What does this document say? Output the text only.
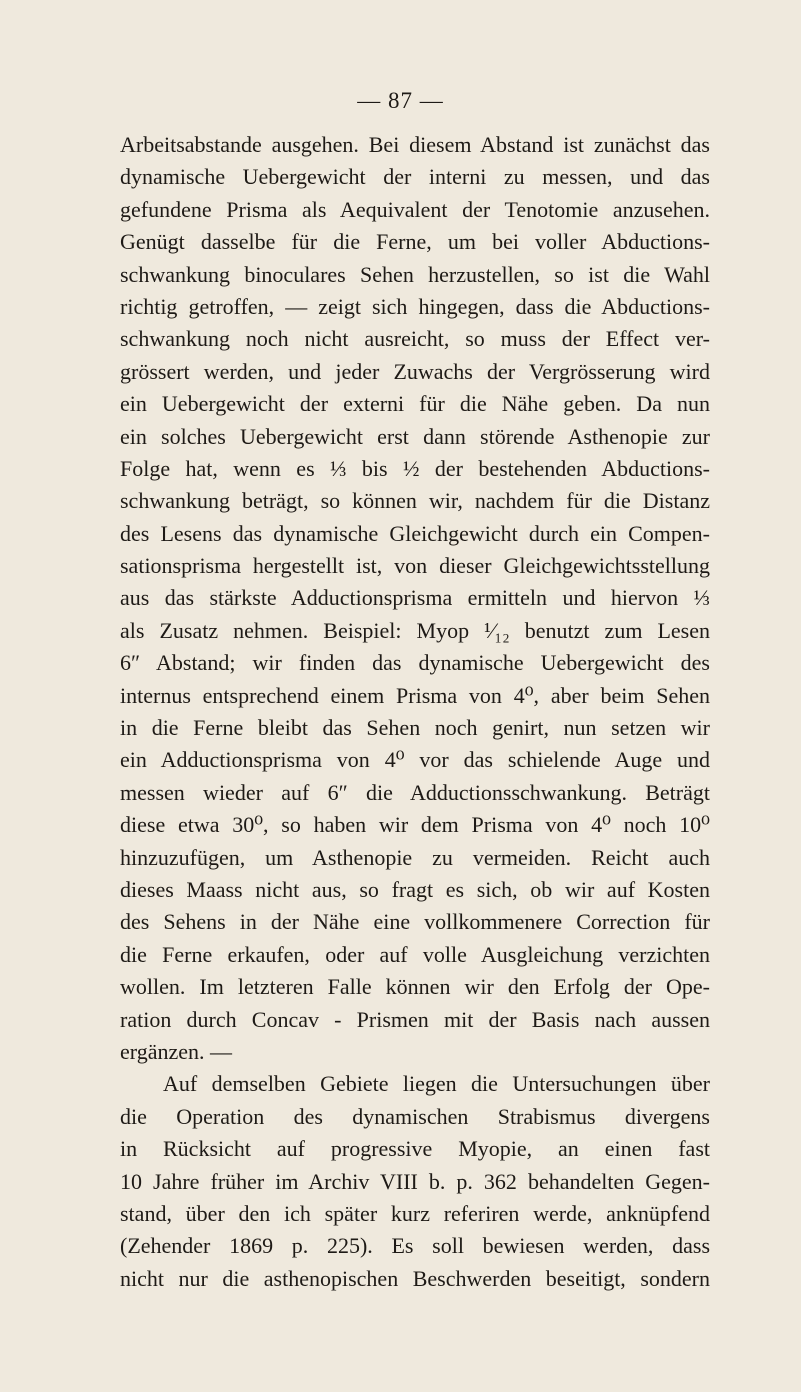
— 87 —
Arbeitsabstande ausgehen. Bei diesem Abstand ist zunächst das
dynamische Uebergewicht der interni zu messen, und das
gefundene Prisma als Aequivalent der Tenotomie anzusehen.
Genügt dasselbe für die Ferne, um bei voller Abductions-
schwankung binoculares Sehen herzustellen, so ist die Wahl
richtig getroffen, — zeigt sich hingegen, dass die Abductions-
schwankung noch nicht ausreicht, so muss der Effect ver-
grössert werden, und jeder Zuwachs der Vergrösserung wird
ein Uebergewicht der externi für die Nähe geben. Da nun
ein solches Uebergewicht erst dann störende Asthenopie zur
Folge hat, wenn es ⅓ bis ½ der bestehenden Abductions-
schwankung beträgt, so können wir, nachdem für die Distanz
des Lesens das dynamische Gleichgewicht durch ein Compen-
sationsprisma hergestellt ist, von dieser Gleichgewichtsstellung
aus das stärkste Adductionsprisma ermitteln und hiervon ⅓
als Zusatz nehmen. Beispiel: Myop ¹⁄₁₂ benutzt zum Lesen
6″ Abstand; wir finden das dynamische Uebergewicht des
internus entsprechend einem Prisma von 4⁰, aber beim Sehen
in die Ferne bleibt das Sehen noch genirt, nun setzen wir
ein Adductionsprisma von 4⁰ vor das schielende Auge und
messen wieder auf 6″ die Adductionsschwankung. Beträgt
diese etwa 30⁰, so haben wir dem Prisma von 4⁰ noch 10⁰
hinzuzufügen, um Asthenopie zu vermeiden. Reicht auch
dieses Maass nicht aus, so fragt es sich, ob wir auf Kosten
des Sehens in der Nähe eine vollkommenere Correction für
die Ferne erkaufen, oder auf volle Ausgleichung verzichten
wollen. Im letzteren Falle können wir den Erfolg der Ope-
ration durch Concav - Prismen mit der Basis nach aussen
ergänzen. —
Auf demselben Gebiete liegen die Untersuchungen über
die Operation des dynamischen Strabismus divergens
in Rücksicht auf progressive Myopie, an einen fast
10 Jahre früher im Archiv VIII b. p. 362 behandelten Gegen-
stand, über den ich später kurz referiren werde, anknüpfend
(Zehender 1869 p. 225). Es soll bewiesen werden, dass
nicht nur die asthenopischen Beschwerden beseitigt, sondern
